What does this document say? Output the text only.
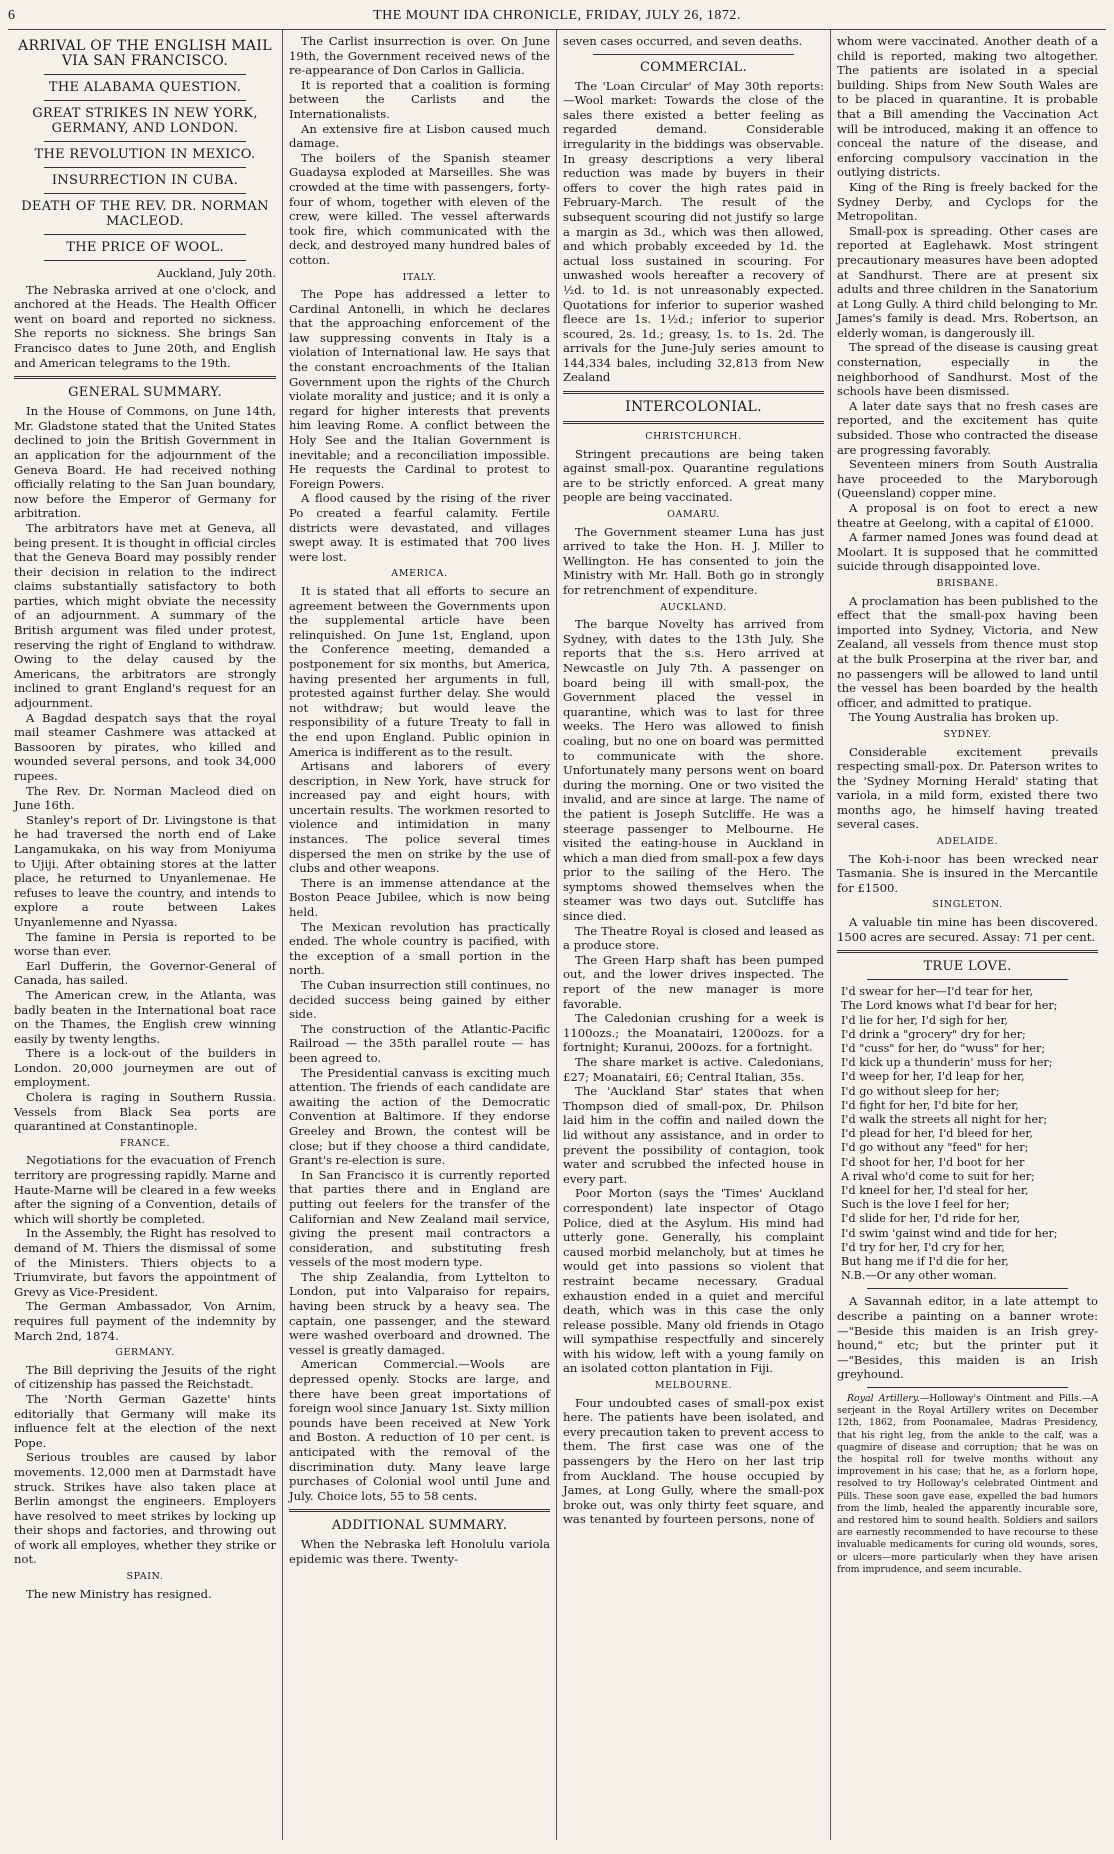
6	THE MOUNT IDA CHRONICLE, FRIDAY, JULY 26, 1872.
ARRIVAL OF THE ENGLISH MAIL VIA SAN FRANCISCO.
THE ALABAMA QUESTION.
GREAT STRIKES IN NEW YORK, GERMANY, AND LONDON.
THE REVOLUTION IN MEXICO.
INSURRECTION IN CUBA.
DEATH OF THE REV. DR. NORMAN MACLEOD.
THE PRICE OF WOOL.
Auckland, July 20th.

The Nebraska arrived at one o'clock, and anchored at the Heads. The Health Officer went on board and reported no sickness. She reports no sickness. She brings San Francisco dates to June 20th, and English and American telegrams to the 19th.

GENERAL SUMMARY.

In the House of Commons, on June 14th, Mr. Gladstone stated that the United States declined to join the British Government in an application for the adjournment of the Geneva Board. He had received nothing officially relating to the San Juan boundary, now before the Emperor of Germany for arbitration.

The arbitrators have met at Geneva, all being present. It is thought in official circles that the Geneva Board may possibly render their decision in relation to the indirect claims substantially satisfactory to both parties, which might obviate the necessity of an adjournment. A summary of the British argument was filed under protest, reserving the right of England to withdraw. Owing to the delay caused by the Americans, the arbitrators are strongly inclined to grant England's request for an adjournment.

A Bagdad despatch says that the royal mail steamer Cashmere was attacked at Bassooren by pirates, who killed and wounded several persons, and took 34,000 rupees.

The Rev. Dr. Norman Macleod died on June 16th.

Stanley's report of Dr. Livingstone is that he had traversed the north end of Lake Langamukaka, on his way from Moniyuma to Ujiji. After obtaining stores at the latter place, he returned to Unyanlemenae. He refuses to leave the country, and intends to explore a route between Lakes Unyanlemenne and Nyassa.

The famine in Persia is reported to be worse than ever.

Earl Dufferin, the Governor-General of Canada, has sailed.

The American crew, in the Atlanta, was badly beaten in the International boat race on the Thames, the English crew winning easily by twenty lengths.

There is a lock-out of the builders in London. 20,000 journeymen are out of employment.

Cholera is raging in Southern Russia. Vessels from Black Sea ports are quarantined at Constantinople.

FRANCE.

Negotiations for the evacuation of French territory are progressing rapidly. Marne and Haute-Marne will be cleared in a few weeks after the signing of a Convention, details of which will shortly be completed.

In the Assembly, the Right has resolved to demand of M. Thiers the dismissal of some of the Ministers. Thiers objects to a Triumvirate, but favors the appointment of Grevy as Vice-President.

The German Ambassador, Von Arnim, requires full payment of the indemnity by March 2nd, 1874.

GERMANY.

The Bill depriving the Jesuits of the right of citizenship has passed the Reichstadt.

The 'North German Gazette' hints editorially that Germany will make its influence felt at the election of the next Pope.

Serious troubles are caused by labor movements. 12,000 men at Darmstadt have struck. Strikes have also taken place at Berlin amongst the engineers. Employers have resolved to meet strikes by locking up their shops and factories, and throwing out of work all employes, whether they strike or not.

SPAIN.

The new Ministry has resigned.

The Carlist insurrection is over. On June 19th, the Government received news of the re-appearance of Don Carlos in Gallicia.

It is reported that a coalition is forming between the Carlists and the Internationalists.

An extensive fire at Lisbon caused much damage.

The boilers of the Spanish steamer Guadaysa exploded at Marseilles. She was crowded at the time with passengers, forty-four of whom, together with eleven of the crew, were killed. The vessel afterwards took fire, which communicated with the deck, and destroyed many hundred bales of cotton.

ITALY.

The Pope has addressed a letter to Cardinal Antonelli, in which he declares that the approaching enforcement of the law suppressing convents in Italy is a violation of International law. He says that the constant encroachments of the Italian Government upon the rights of the Church violate morality and justice; and it is only a regard for higher interests that prevents him leaving Rome. A conflict between the Holy See and the Italian Government is inevitable; and a reconciliation impossible. He requests the Cardinal to protest to Foreign Powers.

A flood caused by the rising of the river Po created a fearful calamity. Fertile districts were devastated, and villages swept away. It is estimated that 700 lives were lost.

AMERICA.

It is stated that all efforts to secure an agreement between the Governments upon the supplemental article have been relinquished. On June 1st, England, upon the Conference meeting, demanded a postponement for six months, but America, having presented her arguments in full, protested against further delay. She would not withdraw; but would leave the responsibility of a future Treaty to fall in the end upon England. Public opinion in America is indifferent as to the result.

Artisans and laborers of every description, in New York, have struck for increased pay and eight hours, with uncertain results. The workmen resorted to violence and intimidation in many instances. The police several times dispersed the men on strike by the use of clubs and other weapons.

There is an immense attendance at the Boston Peace Jubilee, which is now being held.

The Mexican revolution has practically ended. The whole country is pacified, with the exception of a small portion in the north.

The Cuban insurrection still continues, no decided success being gained by either side.

The construction of the Atlantic-Pacific Railroad — the 35th parallel route — has been agreed to.

The Presidential canvass is exciting much attention. The friends of each candidate are awaiting the action of the Democratic Convention at Baltimore. If they endorse Greeley and Brown, the contest will be close; but if they choose a third candidate, Grant's re-election is sure.

In San Francisco it is currently reported that parties there and in England are putting out feelers for the transfer of the Californian and New Zealand mail service, giving the present mail contractors a consideration, and substituting fresh vessels of the most modern type.

The ship Zealandia, from Lyttelton to London, put into Valparaiso for repairs, having been struck by a heavy sea. The captain, one passenger, and the steward were washed overboard and drowned. The vessel is greatly damaged.

American Commercial.—Wools are depressed openly. Stocks are large, and there have been great importations of foreign wool since January 1st. Sixty million pounds have been received at New York and Boston. A reduction of 10 per cent. is anticipated with the removal of the discrimination duty. Many leave large purchases of Colonial wool until June and July. Choice lots, 55 to 58 cents.

ADDITIONAL SUMMARY.

When the Nebraska left Honolulu variola epidemic was there. Twenty-

seven cases occurred, and seven deaths.

COMMERCIAL.

The 'Loan Circular' of May 30th reports:—Wool market: Towards the close of the sales there existed a better feeling as regarded demand. Considerable irregularity in the biddings was observable. In greasy descriptions a very liberal reduction was made by buyers in their offers to cover the high rates paid in February-March. The result of the subsequent scouring did not justify so large a margin as 3d., which was then allowed, and which probably exceeded by 1d. the actual loss sustained in scouring. For unwashed wools hereafter a recovery of ½d. to 1d. is not unreasonably expected. Quotations for inferior to superior washed fleece are 1s. 1½d.; inferior to superior scoured, 2s. 1d.; greasy, 1s. to 1s. 2d. The arrivals for the June-July series amount to 144,334 bales, including 32,813 from New Zealand

INTERCOLONIAL.
CHRISTCHURCH.

Stringent precautions are being taken against small-pox. Quarantine regulations are to be strictly enforced. A great many people are being vaccinated.

OAMARU.

The Government steamer Luna has just arrived to take the Hon. H. J. Miller to Wellington. He has consented to join the Ministry with Mr. Hall. Both go in strongly for retrenchment of expenditure.

AUCKLAND.

The barque Novelty has arrived from Sydney, with dates to the 13th July. She reports that the s.s. Hero arrived at Newcastle on July 7th. A passenger on board being ill with small-pox, the Government placed the vessel in quarantine, which was to last for three weeks. The Hero was allowed to finish coaling, but no one on board was permitted to communicate with the shore. Unfortunately many persons went on board during the morning. One or two visited the invalid, and are since at large. The name of the patient is Joseph Sutcliffe. He was a steerage passenger to Melbourne. He visited the eating-house in Auckland in which a man died from small-pox a few days prior to the sailing of the Hero. The symptoms showed themselves when the steamer was two days out. Sutcliffe has since died.

The Theatre Royal is closed and leased as a produce store.

The Green Harp shaft has been pumped out, and the lower drives inspected. The report of the new manager is more favorable.

The Caledonian crushing for a week is 1100ozs.; the Moanatairi, 1200ozs. for a fortnight; Kuranui, 200ozs. for a fortnight.

The share market is active. Caledonians, £27; Moanatairi, £6; Central Italian, 35s.

The 'Auckland Star' states that when Thompson died of small-pox, Dr. Philson laid him in the coffin and nailed down the lid without any assistance, and in order to prevent the possibility of contagion, took water and scrubbed the infected house in every part.

Poor Morton (says the 'Times' Auckland correspondent) late inspector of Otago Police, died at the Asylum. His mind had utterly gone. Generally, his complaint caused morbid melancholy, but at times he would get into passions so violent that restraint became necessary. Gradual exhaustion ended in a quiet and merciful death, which was in this case the only release possible. Many old friends in Otago will sympathise respectfully and sincerely with his widow, left with a young family on an isolated cotton plantation in Fiji.

MELBOURNE.

Four undoubted cases of small-pox exist here. The patients have been isolated, and every precaution taken to prevent access to them. The first case was one of the passengers by the Hero on her last trip from Auckland. The house occupied by James, at Long Gully, where the small-pox broke out, was only thirty feet square, and was tenanted by fourteen persons, none of

whom were vaccinated. Another death of a child is reported, making two altogether. The patients are isolated in a special building. Ships from New South Wales are to be placed in quarantine. It is probable that a Bill amending the Vaccination Act will be introduced, making it an offence to conceal the nature of the disease, and enforcing compulsory vaccination in the outlying districts.

King of the Ring is freely backed for the Sydney Derby, and Cyclops for the Metropolitan.

Small-pox is spreading. Other cases are reported at Eaglehawk. Most stringent precautionary measures have been adopted at Sandhurst. There are at present six adults and three children in the Sanatorium at Long Gully. A third child belonging to Mr. James's family is dead. Mrs. Robertson, an elderly woman, is dangerously ill.

The spread of the disease is causing great consternation, especially in the neighborhood of Sandhurst. Most of the schools have been dismissed.

A later date says that no fresh cases are reported, and the excitement has quite subsided. Those who contracted the disease are progressing favorably.

Seventeen miners from South Australia have proceeded to the Maryborough (Queensland) copper mine.

A proposal is on foot to erect a new theatre at Geelong, with a capital of £1000.

A farmer named Jones was found dead at Moolart. It is supposed that he committed suicide through disappointed love.

BRISBANE.

A proclamation has been published to the effect that the small-pox having been imported into Sydney, Victoria, and New Zealand, all vessels from thence must stop at the bulk Proserpina at the river bar, and no passengers will be allowed to land until the vessel has been boarded by the health officer, and admitted to pratique.

The Young Australia has broken up.

SYDNEY.

Considerable excitement prevails respecting small-pox. Dr. Paterson writes to the 'Sydney Morning Herald' stating that variola, in a mild form, existed there two months ago, he himself having treated several cases.

ADELAIDE.

The Koh-i-noor has been wrecked near Tasmania. She is insured in the Mercantile for £1500.

SINGLETON.

A valuable tin mine has been discovered. 1500 acres are secured. Assay: 71 per cent.

TRUE LOVE.
I'd swear for her—I'd tear for her,
The Lord knows what I'd bear for her;
I'd lie for her, I'd sigh for her,
I'd drink a "grocery" dry for her;
I'd "cuss" for her, do "wuss" for her;
I'd kick up a thunderin' muss for her;
I'd weep for her, I'd leap for her,
I'd go without sleep for her;
I'd fight for her, I'd bite for her,
I'd walk the streets all night for her;
I'd plead for her, I'd bleed for her,
I'd go without any "feed" for her;
I'd shoot for her, I'd boot for her
A rival who'd come to suit for her;
I'd kneel for her, I'd steal for her,
Such is the love I feel for her;
I'd slide for her, I'd ride for her,
I'd swim 'gainst wind and tide for her;
I'd try for her, I'd cry for her,
But hang me if I'd die for her,
N.B.—Or any other woman.

A Savannah editor, in a late attempt to describe a painting on a banner wrote:—"Beside this maiden is an Irish grey-hound," etc; but the printer put it—"Besides, this maiden is an Irish greyhound.

Royal Artillery.—Holloway's Ointment and Pills.—A serjeant in the Royal Artillery writes on December 12th, 1862, from Poonamalee, Madras Presidency, that his right leg, from the ankle to the calf, was a quagmire of disease and corruption; that he was on the hospital roll for twelve months without any improvement in his case; that he, as a forlorn hope, resolved to try Holloway's celebrated Ointment and Pills. These soon gave ease, expelled the bad humors from the limb, healed the apparently incurable sore, and restored him to sound health. Soldiers and sailors are earnestly recommended to have recourse to these invaluable medicaments for curing old wounds, sores, or ulcers—more particularly when they have arisen from imprudence, and seem incurable.
